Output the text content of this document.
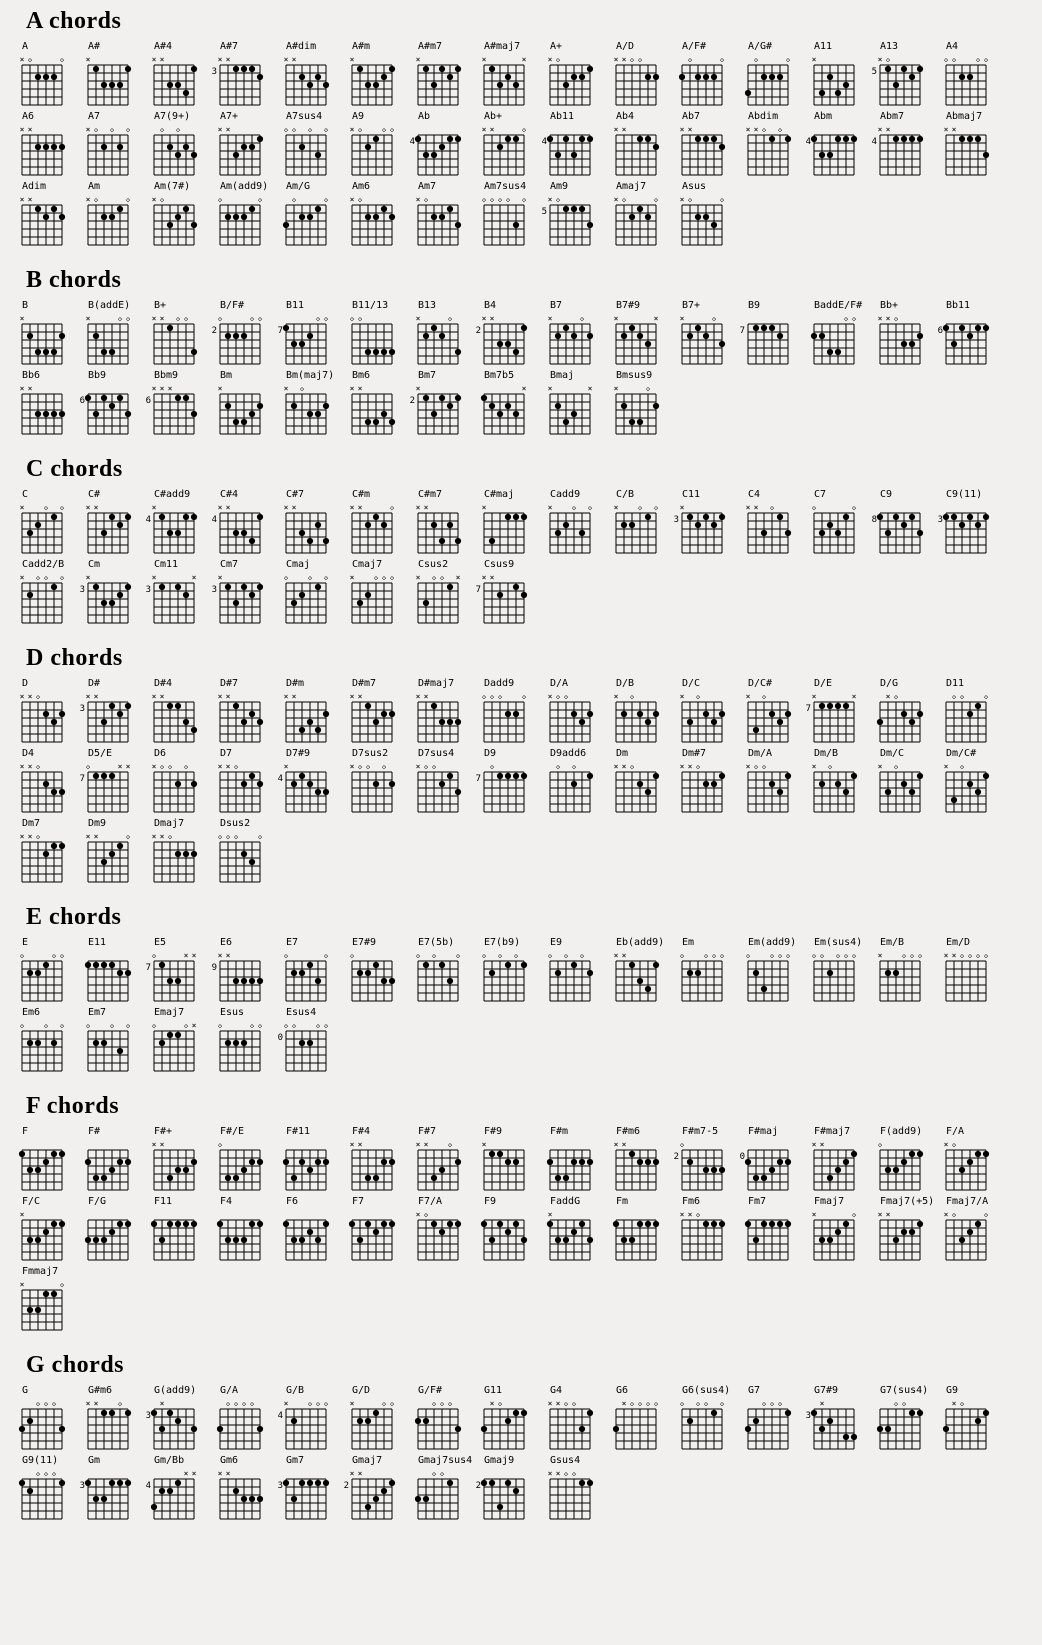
A chords
A
× ◇	◇
A#
×
A#4
× ×
A#7
3
× ×
A#dim
× ×
A#m
×
A#m7
×
A#maj7
×	×
A+
× ◇
A/D
× × ◇ ◇
A/F#
◇	◇
A/G#
◇	◇
A11
×
A13
5
× ◇
A4
◇ ◇	◇ ◇
A6
× ×
A7
× ◇ ◇ ◇
A7(9+)
◇ ◇
A7+
× ×
A7sus4
◇ ◇ ◇ ◇
A9
× ◇	◇ ◇
Ab
4
Ab+
× ×	◇
Ab11
4
Ab4
× ×
Ab7
× ×
Abdim
× × ◇ ◇
Abm
4
Abm7
4
× ×
Abmaj7
× ×
Adim
× ×
Am
× ◇	◇
Am(7#)
× ◇
Am(add9)
◇	◇
Am/G
◇	◇
Am6
× ◇
Am7
× ◇
Am7sus4
◇ ◇ ◇ ◇ ◇
Am9
5
× ◇
Amaj7
× ◇	◇
Asus
× ◇	◇
B chords
B
×
B(addE)
×	◇ ◇
B+
× × ◇ ◇
B/F#
2
◇	◇ ◇
B11
7
◇ ◇
B11/13
◇ ◇
B13
×	◇
B4
2
× ×
B7
×	◇
B7#9
×	×
B7+
×	◇
B9
7
BaddE/F#
◇ ◇
Bb+
× × ◇
Bb11
6
Bb6
× ×
Bb9
6
Bbm9
6
× × ×
Bm
×
Bm(maj7)
× ◇
Bm6
× ×
Bm7
2
×
Bm7b5
×
Bmaj
×	×
Bmsus9
×	◇
C chords
C
×	◇ ◇
C#
× ×
C#add9
4
×
C#4
4
× ×
C#7
× ×
C#m
× ×	◇
C#m7
× ×
C#maj
×
Cadd9
×	◇ ◇
C/B
×	◇ ◇
C11
3
×
C4
× × ◇
C7
◇	◇
C9
8
C9(11)
3
Cadd2/B
× ◇ ◇ ◇
Cm
3
×
Cm11
3
×	×
Cm7
3
×
Cmaj
◇	◇ ◇
Cmaj7
×	◇ ◇ ◇
Csus2
× ◇ ◇ ×
Csus9
7
× ×
D chords
D
× × ◇
D#
3
× ×
D#4
× ×
D#7
× ×
D#m
× ×
D#m7
× ×
D#maj7
× ×
Dadd9
◇ ◇ ◇	◇
D/A
× ◇ ◇
D/B
× ◇
D/C
× ◇
D/C#
× ◇
D/E
7
×	×
D/G
× ◇
D11
◇ ◇	◇
D4
× × ◇
D5/E
7
◇	× ×
D6
× ◇ ◇ ◇
D7
× × ◇
D7#9
4
×
D7sus2
× ◇ ◇ ◇
D7sus4
× ◇ ◇
D9
7
◇
D9add6
◇ ◇
Dm
× × ◇
Dm#7
× × ◇
Dm/A
× ◇ ◇
Dm/B
× ◇
Dm/C
× ◇
Dm/C#
× ◇
Dm7
× × ◇
Dm9
× ×	◇
Dmaj7
× × ◇
Dsus2
◇ ◇ ◇	◇
E chords
E
◇	◇ ◇
E11	E5
7
◇	× ×
E6
9
× ×
E7
◇	◇
E7#9
◇
E7(5b)
◇ ◇	◇
E7(b9)
◇ ◇ ◇
E9
◇ ◇ ◇
Eb(add9)
× ×
Em
◇	◇ ◇ ◇
Em(add9)
◇	◇ ◇ ◇
Em(sus4)
◇ ◇ ◇ ◇ ◇
Em/B
×	◇ ◇ ◇
Em/D
× × ◇ ◇ ◇ ◇
Em6
◇	◇ ◇
Em7
◇	◇ ◇
Emaj7
◇	◇ ×
Esus
◇	◇ ◇
Esus4
0
◇ ◇	◇ ◇
F chords
F	F#	F#+
× ×
F#/E
◇
F#11	F#4
× ×
F#7
× ×	◇
F#9
×
F#m	F#m6
× ×
F#m7-5
2
◇
F#maj
0
F#maj7
× ×
F(add9)
◇
F/A
× ◇
F/C
×
F/G	F11	F4	F6	F7	F7/A
× ◇
F9	FaddG
×
Fm	Fm6
× × ◇
Fm7	Fmaj7
×	◇
Fmaj7(+5)
× ×
Fmaj7/A
× ◇	◇
Fmmaj7
×	◇
G chords
G
◇ ◇ ◇
G#m6
× ×	◇
G(add9)
3
×
G/A
◇ ◇ ◇ ◇
G/B
4
×	◇ ◇ ◇
G/D
×	◇ ◇
G/F#
◇ ◇ ◇
G11
× ◇
G4
× × ◇ ◇
G6
× ◇ ◇ ◇ ◇
G6(sus4)
◇ ◇ ◇ ◇
G7
◇ ◇ ◇
G7#9
3
×
G7(sus4)
◇ ◇
G9
× ◇
G9(11)
◇ ◇ ◇
Gm
3
Gm/Bb
4
× ×
Gm6
× ×
Gm7
3
Gmaj7
2
× ×
Gmaj7sus4
◇ ◇
Gmaj9
2
Gsus4
× × ◇ ◇
